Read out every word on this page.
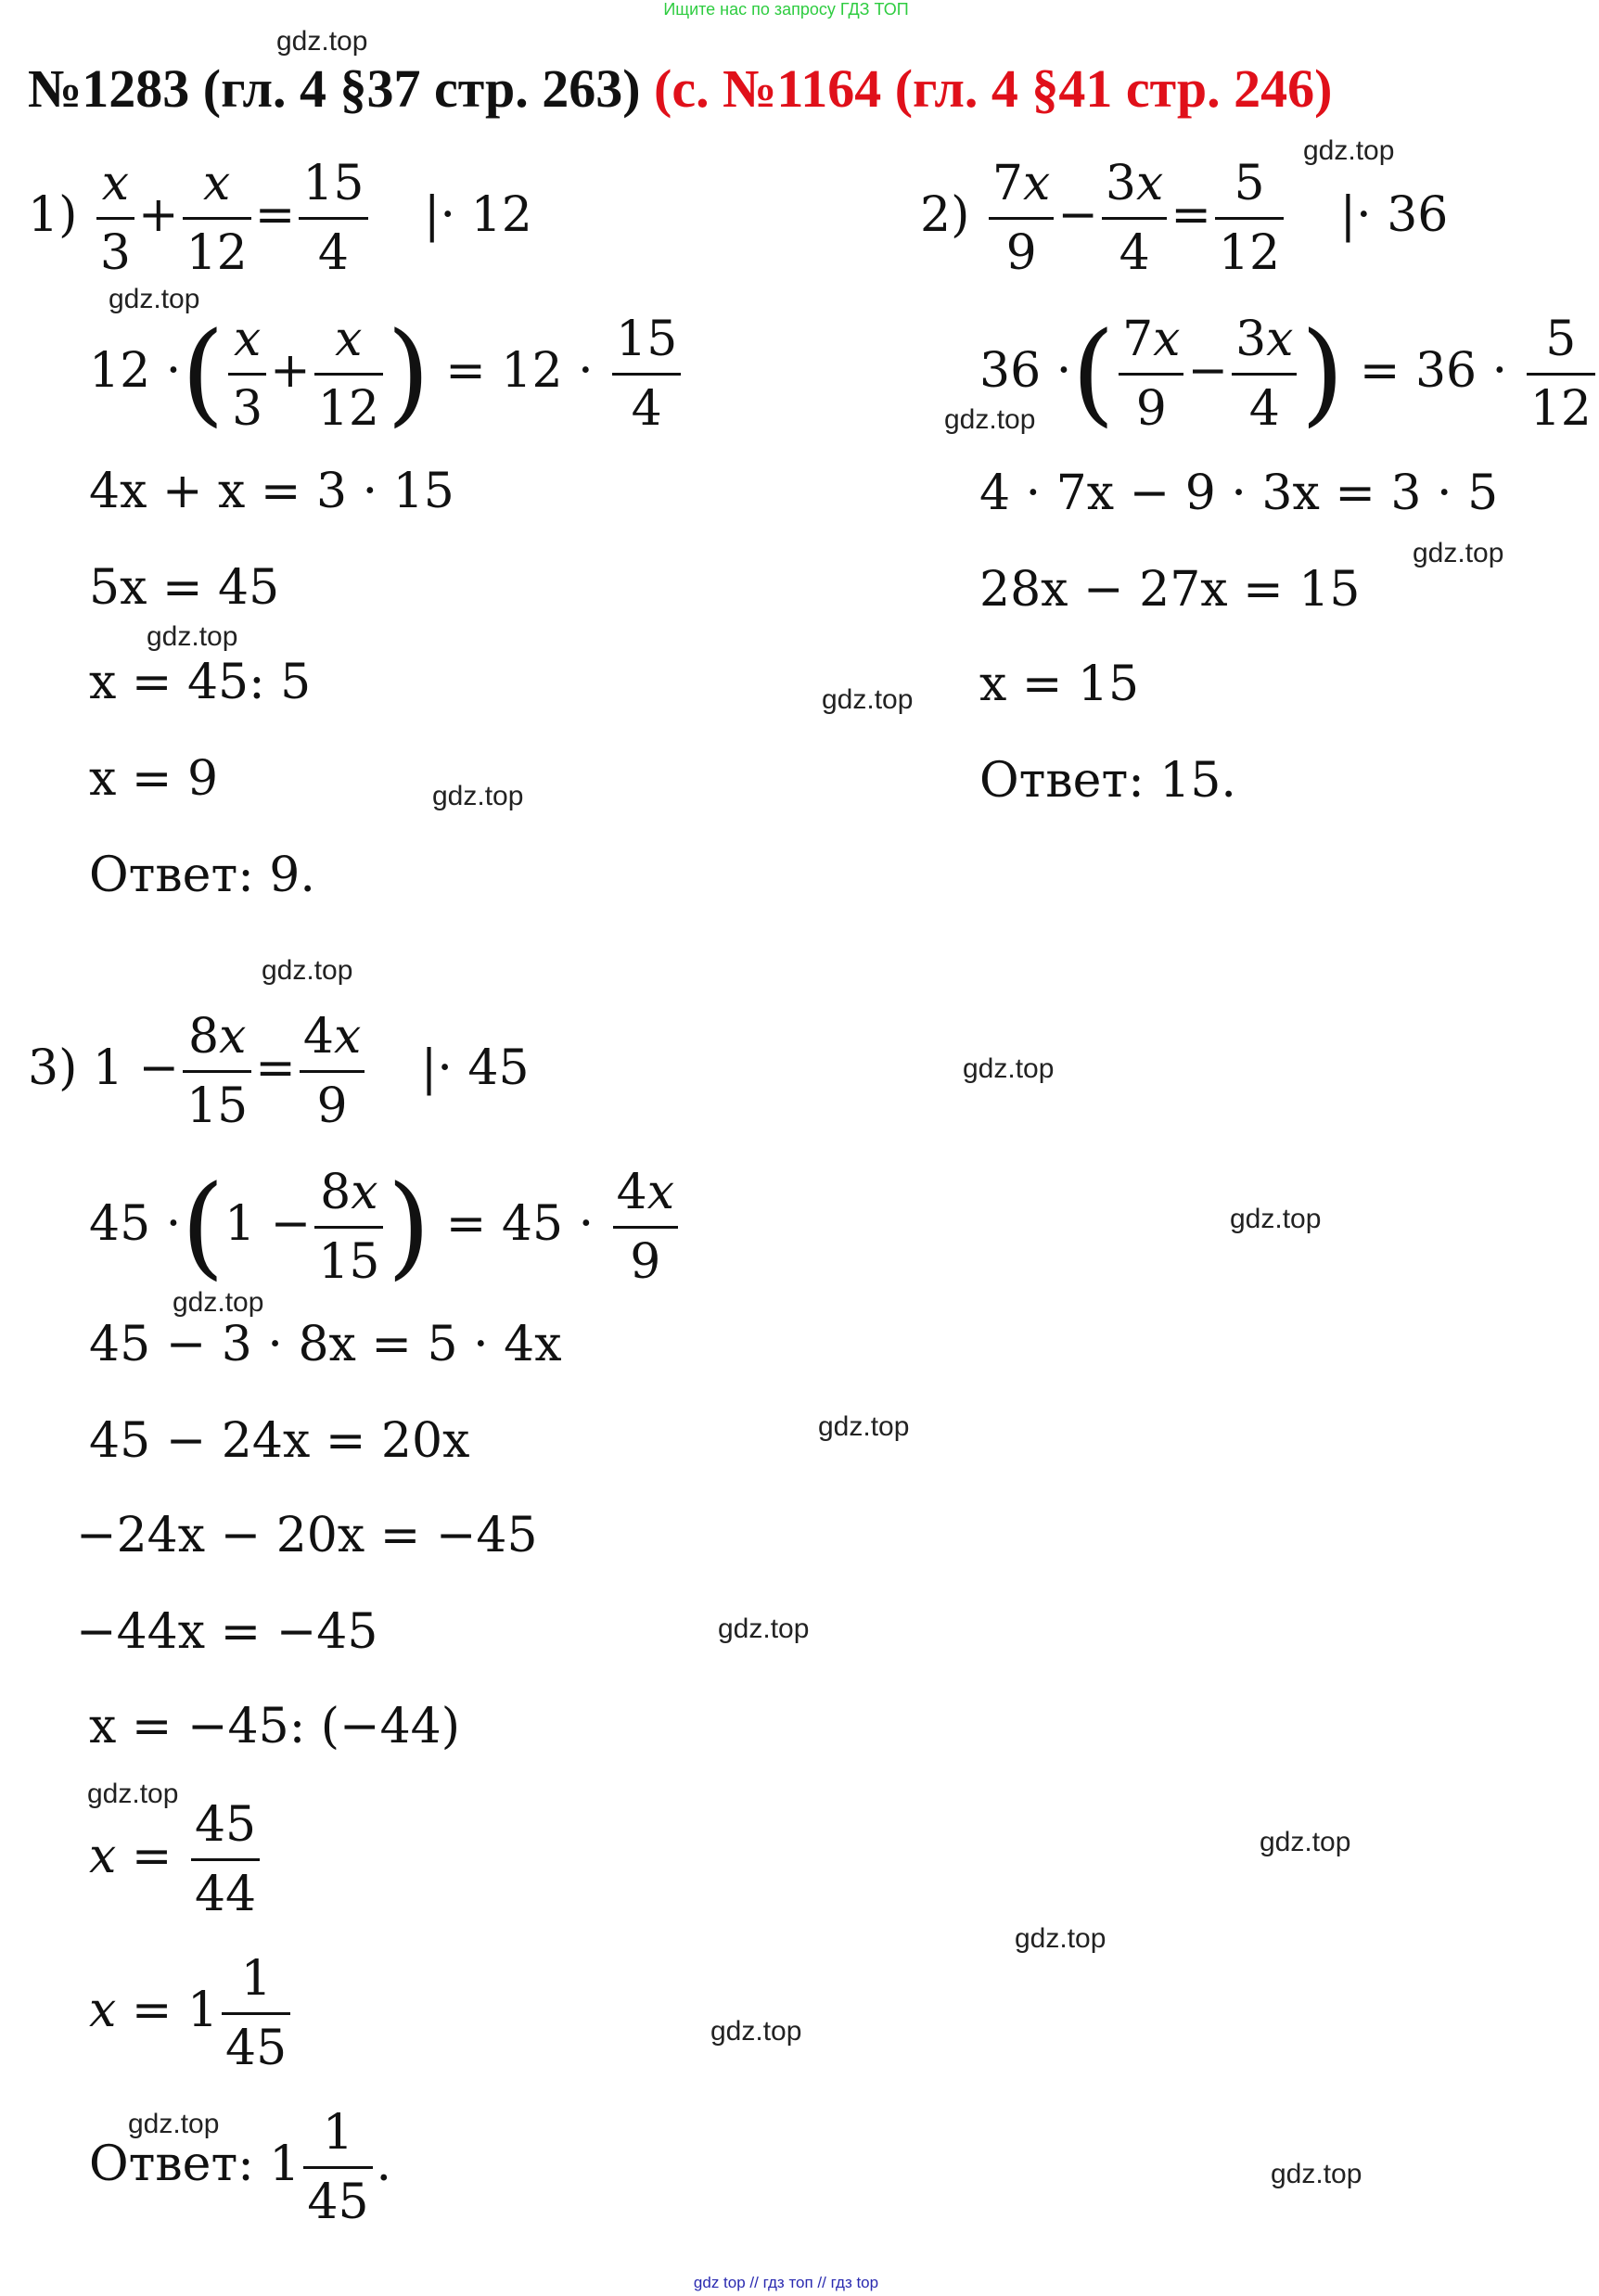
Ищите нас по запросу ГДЗ ТОП
№1283 (гл. 4 §37 стр. 263) (с. №1164 (гл. 4 §41 стр. 246)
gdz.top
gdz.top
gdz.top
gdz.top
gdz.top
gdz.top
gdz.top
gdz.top
gdz.top
gdz.top
gdz.top
gdz.top
gdz.top
gdz.top
gdz.top
gdz.top
gdz.top
gdz.top
gdz.top
gdz.top
$1) \frac{x}{3} + \frac{x}{12} = \frac{15}{4}$ |· 12
12 ·( $\frac{x}{3} + \frac{x}{12}$ ) = $12 \cdot \frac{15}{4}$
4x + x = 3 · 15
5x = 45
x = 45: 5
x = 9
Ответ: 9.
$2) \frac{7x}{9} - \frac{3x}{4} = \frac{5}{12}$ |· 36
36 ·( $\frac{7x}{9} - \frac{3x}{4}$ ) = $36 \cdot \frac{5}{12}$
4 · 7x − 9 · 3x = 3 · 5
28x − 27x = 15
x = 15
Ответ: 15.
3) $1 - \frac{8x}{15} = \frac{4x}{9}$ |· 45
$45 \cdot(1 - \frac{8x}{15}$ ) = $45 \cdot \frac{4x}{9}$
45 − 3 · 8x = 5 · 4x
45 − 24x = 20x
−24x − 20x = −45
−44x = −45
x = −45: (−44)
$x = \frac{45}{44}$
$x = 1 \frac{1}{45}$
Ответ: $1 \frac{1}{45}$ .
gdz top // гдз топ // гдз top
